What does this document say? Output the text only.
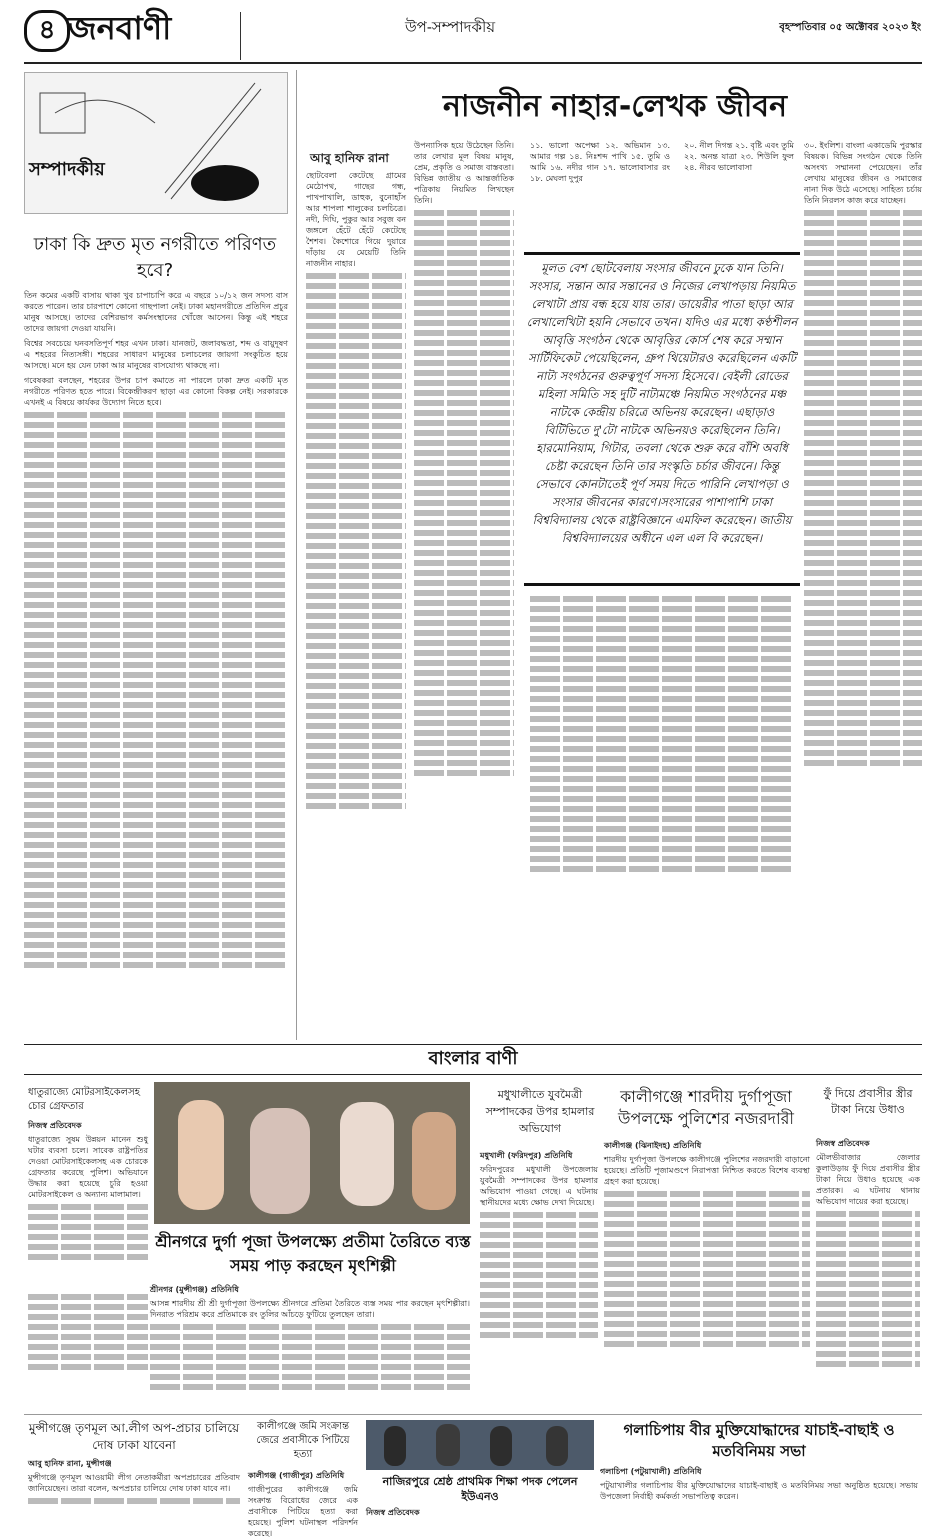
৪ জনবাণী	উপ-সম্পাদকীয়	বৃহস্পতিবার ০৫ অক্টোবর ২০২৩ ইং
সম্পাদকীয়
ঢাকা কি দ্রুত মৃত নগরীতে পরিণত হবে?

তিন কমের একটি বাসায় থাকা খুব চাপাচাপি করে এ বছরে ১০/১২ জন সদস্য বাস করতে পারেন। তার চারপাশে কোনো গাছপালা নেই। ঢাকা মহানগরীতে প্রতিদিন প্রচুর মানুষ আসছে। তাদের বেশিরভাগ কর্মসংস্থানের খোঁজে আসেন। কিন্তু এই শহরে তাদের জায়গা দেওয়া যায়নি।

বিশ্বের সবচেয়ে ঘনবসতিপূর্ণ শহর এখন ঢাকা। যানজট, জলাবদ্ধতা, শব্দ ও বায়ুদূষণ এ শহরের নিত্যসঙ্গী। শহরের সাধারণ মানুষের চলাচলের জায়গা সংকুচিত হয়ে আসছে। মনে হয় যেন ঢাকা আর মানুষের বাসযোগ্য থাকছে না।

গবেষকরা বলছেন, শহরের উপর চাপ কমাতে না পারলে ঢাকা দ্রুত একটি মৃত নগরীতে পরিণত হতে পারে। বিকেন্দ্রীকরণ ছাড়া এর কোনো বিকল্প নেই। সরকারকে এখনই এ বিষয়ে কার্যকর উদ্যোগ নিতে হবে।

নাজনীন নাহার-লেখক জীবন
আবু হানিফ রানা
ছোটবেলা কেটেছে গ্রামের মেঠোপথ, গাছের গন্ধ, পাখপাখালি, ডাহুক, বুনোহাঁস আর শাপলা শালুকের চলচিত্রে। নদী, দিঘি, পুকুর আর সবুজ বন জঙ্গলে হেঁটে হেঁটে কেটেছে শৈশব। কৈশোরে গিয়ে দুয়ারে দাঁড়ায় যে মেয়েটি তিনি নাজনীন নাহার।
উপন্যাসিক হয়ে উঠেছেন তিনি। তার লেখার মূল বিষয় মানুষ, প্রেম, প্রকৃতি ও সমাজ বাস্তবতা। বিভিন্ন জাতীয় ও আন্তর্জাতিক পত্রিকায় নিয়মিত লিখছেন তিনি।
১১. ভালো অপেক্ষা ১২. অভিমান ১৩. আমার গল্প ১৪. নিঃশব্দ পাখি ১৫. তুমি ও আমি ১৬. নদীর গান ১৭. ভালোবাসার রং ১৮. মেঘলা দুপুর
২০. নীল দিগন্ত ২১. বৃষ্টি এবং তুমি ২২. অনন্ত যাত্রা ২৩. শিউলি ফুল ২৪. নীরব ভালোবাসা
৩০. ইংলিশ। বাংলা একাডেমি পুরস্কার বিষয়ক। বিভিন্ন সংগঠন থেকে তিনি অসংখ্য সম্মাননা পেয়েছেন। তাঁর লেখায় মানুষের জীবন ও সমাজের নানা দিক উঠে এসেছে। সাহিত্য চর্চায় তিনি নিরলস কাজ করে যাচ্ছেন।
মূলত বেশ ছোটবেলায় সংসার জীবনে ঢুকে যান তিনি। সংসার, সন্তান আর সন্তানের ও নিজের লেখাপড়ায় নিয়মিত লেখাটা প্রায় বন্ধ হয়ে যায় তার। ডায়েরীর পাতা ছাড়া আর লেখালেখিটা হয়নি সেভাবে তখন। যদিও এর মধ্যে কণ্ঠশীলন আবৃত্তি সংগঠন থেকে আবৃত্তির কোর্স শেষ করে সম্মান সার্টিফিকেট পেয়েছিলেন, গ্রুপ থিয়েটারও করেছিলেন একটি নাট্য সংগঠনের গুরুত্বপূর্ণ সদস্য হিসেবে। বেইলী রোডের মহিলা সমিতি সহ দুটি নাট্যমঞ্চে নিয়মিত সংগঠনের মঞ্চ নাটকে কেন্দ্রীয় চরিত্রে অভিনয় করেছেন। এছাড়াও বিটিভিতে দু'টো নাটকে অভিনয়ও করেছিলেন তিনি। হারমোনিয়াম, গিটার, তবলা থেকে শুরু করে বাঁশি অবধি চেষ্টা করেছেন তিনি তার সংস্কৃতি চর্চার জীবনে। কিন্তু সেভাবে কোনটাতেই পূর্ণ সময় দিতে পারিনি লেখাপড়া ও সংসার জীবনের কারণে।সংসারের পাশাপাশি ঢাকা বিশ্ববিদ্যালয় থেকে রাষ্ট্রবিজ্ঞানে এমফিল করেছেন। জাতীয় বিশ্ববিদ্যালয়ের অধীনে এল এল বি করেছেন।
বাংলার বাণী
ধাতুরাজ্যে মোটরসাইকেলসহ চোর গ্রেফতার
নিজস্ব প্রতিবেদক
ধাতুরাজ্যে সুষম উন্নয়ন মানেন শুধু ঘটার ব্যবসা চলে। সাবেক রাষ্ট্রপতির দেওয়া মোটরসাইকেলসহ এক চোরকে গ্রেফতার করেছে পুলিশ। অভিযানে উদ্ধার করা হয়েছে চুরি হওয়া মোটরসাইকেল ও অন্যান্য মালামাল।
মধুখালীতে যুবমৈত্রী সম্পাদকের উপর হামলার অভিযোগ
মধুখালী (ফরিদপুর) প্রতিনিধি
ফরিদপুরের মধুখালী উপজেলায় যুবমৈত্রী সম্পাদকের উপর হামলার অভিযোগ পাওয়া গেছে। এ ঘটনায় স্থানীয়দের মধ্যে ক্ষোভ দেখা দিয়েছে।
কালীগঞ্জে শারদীয় দুর্গাপূজা উপলক্ষে পুলিশের নজরদারী
কালীগঞ্জ (ঝিনাইদহ) প্রতিনিধি
শারদীয় দুর্গাপূজা উপলক্ষে কালীগঞ্জে পুলিশের নজরদারী বাড়ানো হয়েছে। প্রতিটি পূজামণ্ডপে নিরাপত্তা নিশ্চিত করতে বিশেষ ব্যবস্থা গ্রহণ করা হয়েছে।
ফুঁ দিয়ে প্রবাসীর স্ত্রীর টাকা নিয়ে উধাও
নিজস্ব প্রতিবেদক
মৌলভীবাজার জেলার কুলাউড়ায় ফুঁ দিয়ে প্রবাসীর স্ত্রীর টাকা নিয়ে উধাও হয়েছে এক প্রতারক। এ ঘটনায় থানায় অভিযোগ দায়ের করা হয়েছে।
শ্রীনগরে দুর্গা পূজা উপলক্ষ্যে প্রতীমা তৈরিতে ব্যস্ত সময় পাড় করছেন মৃৎশিল্পী
শ্রীনগর (মুন্সীগঞ্জ) প্রতিনিধি
আসন্ন শারদীয় শ্রী শ্রী দুর্গাপূজা উপলক্ষ্যে শ্রীনগরে প্রতিমা তৈরিতে ব্যস্ত সময় পার করছেন মৃৎশিল্পীরা। দিনরাত পরিশ্রম করে প্রতিমাকে রং তুলির আঁচড়ে ফুটিয়ে তুলছেন তারা।
মুন্সীগঞ্জে তৃণমূল আ.লীগ অপ-প্রচার চালিয়ে দোষ ঢাকা যাবেনা
আবু হানিফ রানা, মুন্সীগঞ্জ
মুন্সীগঞ্জে তৃণমূল আওয়ামী লীগ নেতাকর্মীরা অপপ্রচারের প্রতিবাদ জানিয়েছেন। তারা বলেন, অপপ্রচার চালিয়ে দোষ ঢাকা যাবে না।
কালীগঞ্জে জমি সংক্রান্ত জেরে প্রবাসীকে পিটিয়ে হত্যা
কালীগঞ্জ (গাজীপুর) প্রতিনিধি
গাজীপুরের কালীগঞ্জে জমি সংক্রান্ত বিরোধের জেরে এক প্রবাসীকে পিটিয়ে হত্যা করা হয়েছে। পুলিশ ঘটনাস্থল পরিদর্শন করেছে।
নাজিরপুরে শ্রেষ্ঠ প্রাথমিক শিক্ষা পদক পেলেন ইউএনও
নিজস্ব প্রতিবেদক
গলাচিপায় বীর মুক্তিযোদ্ধাদের যাচাই-বাছাই ও মতবিনিময় সভা
গলাচিপা (পটুয়াখালী) প্রতিনিধি
পটুয়াখালীর গলাচিপায় বীর মুক্তিযোদ্ধাদের যাচাই-বাছাই ও মতবিনিময় সভা অনুষ্ঠিত হয়েছে। সভায় উপজেলা নির্বাহী কর্মকর্তা সভাপতিত্ব করেন।
